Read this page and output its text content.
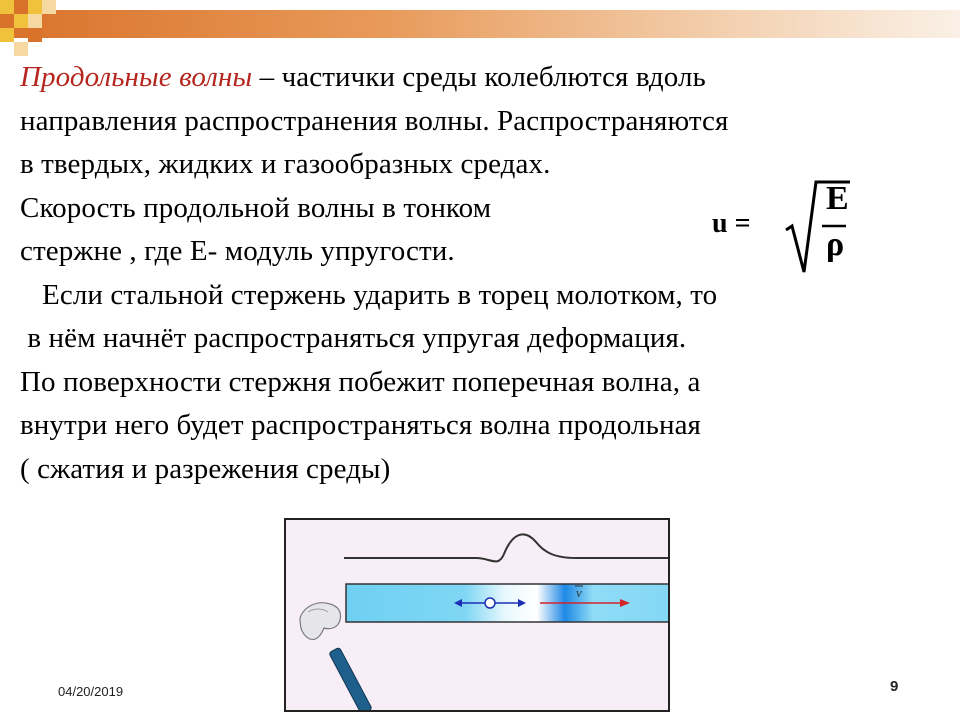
Продольные волны – частички среды колеблются вдоль
направления распространения волны. Распространяются
в твердых, жидких и газообразных средах.
Скорость продольной волны в тонком
стержне , где Е- модуль упругости.
Если стальной стержень ударить в торец молотком, то
в нём начнёт распространяться упругая деформация.
По поверхности стержня побежит поперечная волна, а
внутри него будет распространяться волна продольная
( сжатия и разрежения среды)
u =
E
ρ
v
04/20/2019	9
